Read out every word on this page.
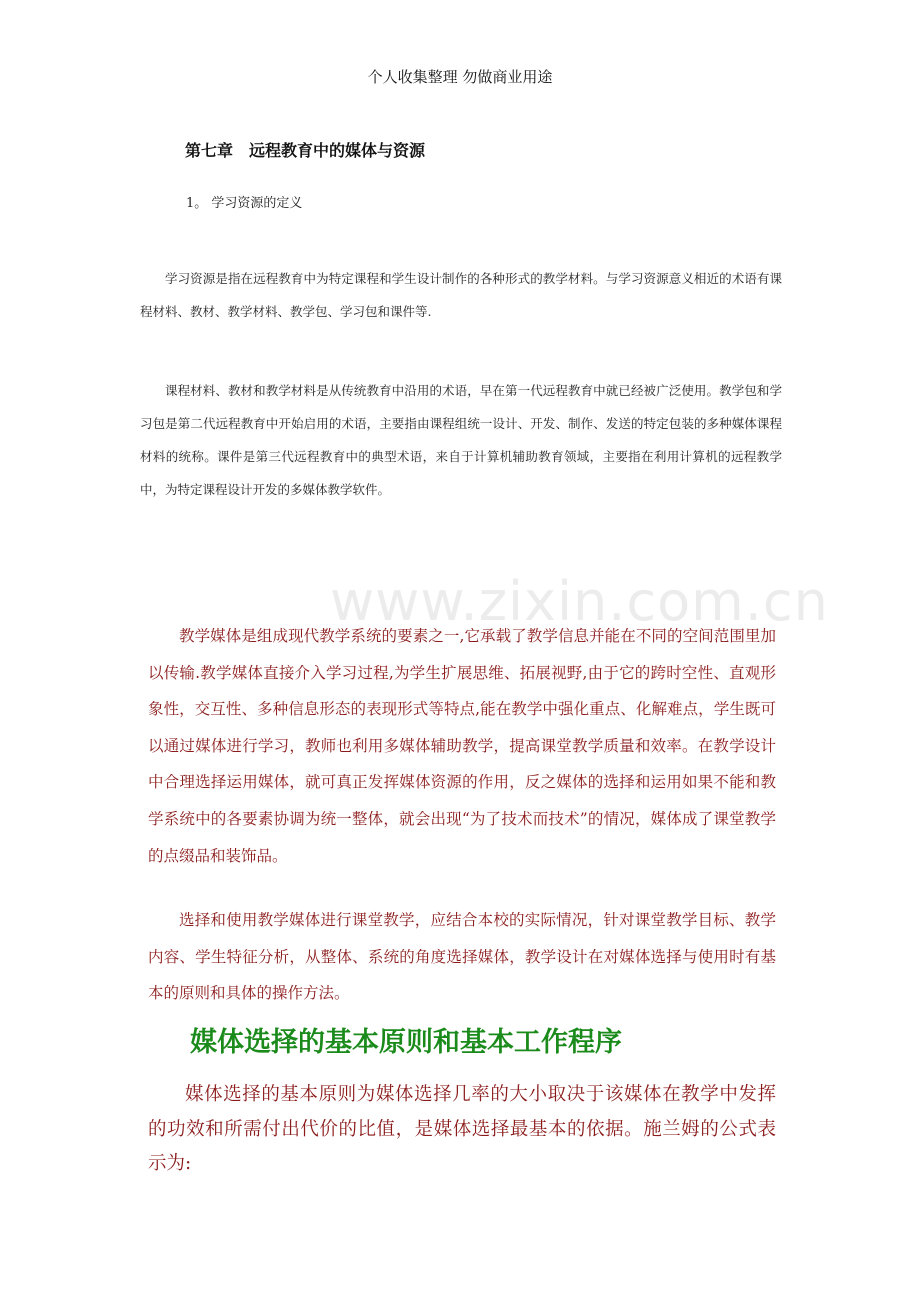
个人收集整理 勿做商业用途
第七章　远程教育中的媒体与资源
1。 学习资源的定义

学习资源是指在远程教育中为特定课程和学生设计制作的各种形式的教学材料。与学习资源意义相近的术语有课程材料、教材、教学材料、教学包、学习包和课件等.

课程材料、教材和教学材料是从传统教育中沿用的术语，早在第一代远程教育中就已经被广泛使用。教学包和学习包是第二代远程教育中开始启用的术语，主要指由课程组统一设计、开发、制作、发送的特定包装的多种媒体课程材料的统称。课件是第三代远程教育中的典型术语，来自于计算机辅助教育领域，主要指在利用计算机的远程教学中，为特定课程设计开发的多媒体教学软件。

www.zixin.com.cn

教学媒体是组成现代教学系统的要素之一,它承载了教学信息并能在不同的空间范围里加以传输.教学媒体直接介入学习过程,为学生扩展思维、拓展视野,由于它的跨时空性、直观形象性，交互性、多种信息形态的表现形式等特点,能在教学中强化重点、化解难点，学生既可以通过媒体进行学习，教师也利用多媒体辅助教学，提高课堂教学质量和效率。在教学设计中合理选择运用媒体，就可真正发挥媒体资源的作用，反之媒体的选择和运用如果不能和教学系统中的各要素协调为统一整体，就会出现“为了技术而技术”的情况，媒体成了课堂教学的点缀品和装饰品。

选择和使用教学媒体进行课堂教学，应结合本校的实际情况，针对课堂教学目标、教学内容、学生特征分析，从整体、系统的角度选择媒体，教学设计在对媒体选择与使用时有基本的原则和具体的操作方法。

媒体选择的基本原则和基本工作程序

媒体选择的基本原则为媒体选择几率的大小取决于该媒体在教学中发挥的功效和所需付出代价的比值，是媒体选择最基本的依据。施兰姆的公式表示为:
